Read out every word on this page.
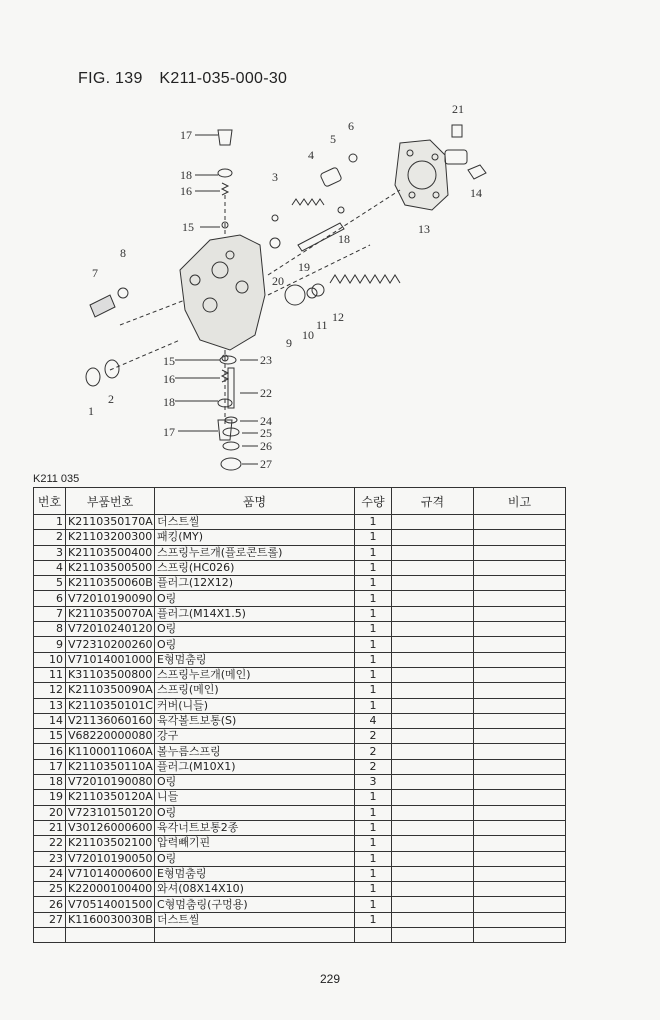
FIG. 139 K211-035-000-30
17
18
16
15
3
4
5
6
8
7
20
19
18
13
21
14
9
10
11
12
1
2
15
16
18
17
23
22
24
25
26
27
K211 035
번호	부품번호	품명	수량	규격	비고
1	K2110350170A	더스트씰	1		
2	K21103200300	패킹(MY)	1		
3	K21103500400	스프링누르개(플로콘트롤)	1		
4	K21103500500	스프링(HC026)	1		
5	K2110350060B	플러그(12X12)	1		
6	V72010190090	O링	1		
7	K2110350070A	플러그(M14X1.5)	1		
8	V72010240120	O링	1		
9	V72310200260	O링	1		
10	V71014001000	E형멈춤링	1		
11	K31103500800	스프링누르개(메인)	1		
12	K2110350090A	스프링(메인)	1		
13	K2110350101C	커버(니들)	1		
14	V21136060160	육각볼트보통(S)	4		
15	V68220000080	강구	2		
16	K1100011060A	볼누름스프링	2		
17	K2110350110A	플러그(M10X1)	2		
18	V72010190080	O링	3		
19	K2110350120A	니들	1		
20	V72310150120	O링	1		
21	V30126000600	육각너트보통2종	1		
22	K21103502100	압력빼기핀	1		
23	V72010190050	O링	1		
24	V71014000600	E형멈춤링	1		
25	K22000100400	와셔(08X14X10)	1		
26	V70514001500	C형멈춤링(구멍용)	1		
27	K1160030030B	더스트씰	1		

229
